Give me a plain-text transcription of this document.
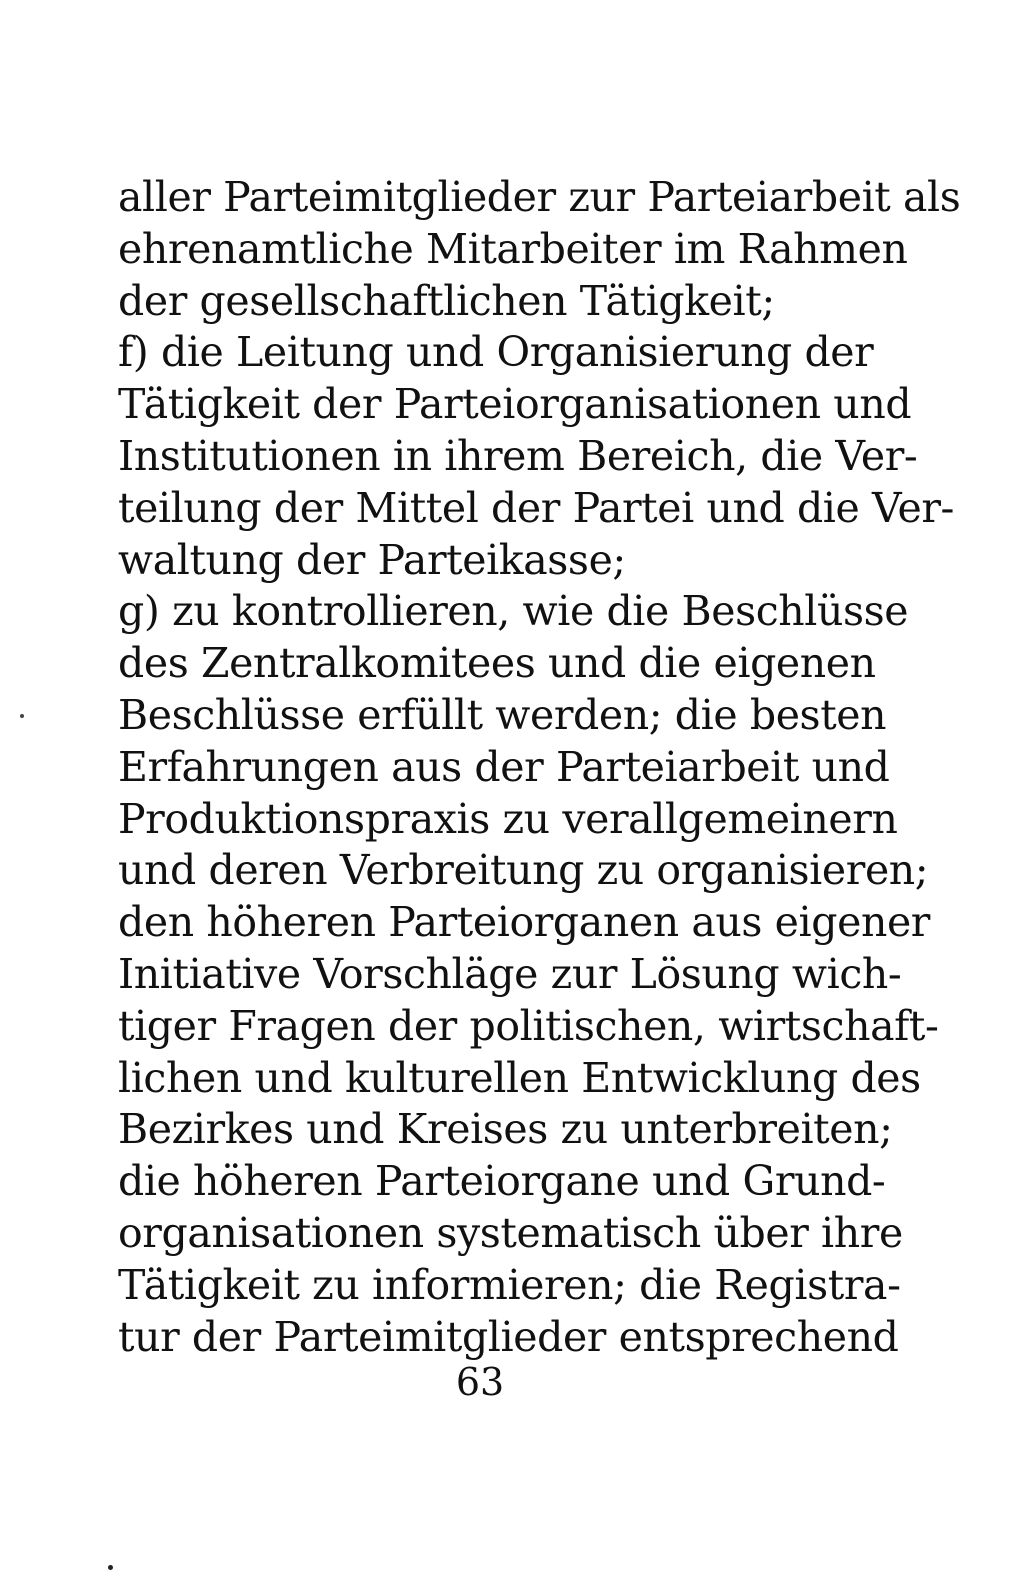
aller Parteimitglieder zur Parteiarbeit als
ehrenamtliche Mitarbeiter im Rahmen
der gesellschaftlichen Tätigkeit;
f) die Leitung und Organisierung der
Tätigkeit der Parteiorganisationen und
Institutionen in ihrem Bereich, die Ver-
teilung der Mittel der Partei und die Ver-
waltung der Parteikasse;
g) zu kontrollieren, wie die Beschlüsse
des Zentralkomitees und die eigenen
Beschlüsse erfüllt werden; die besten
Erfahrungen aus der Parteiarbeit und
Produktionspraxis zu verallgemeinern
und deren Verbreitung zu organisieren;
den höheren Parteiorganen aus eigener
Initiative Vorschläge zur Lösung wich-
tiger Fragen der politischen, wirtschaft-
lichen und kulturellen Entwicklung des
Bezirkes und Kreises zu unterbreiten;
die höheren Parteiorgane und Grund-
organisationen systematisch über ihre
Tätigkeit zu informieren; die Registra-
tur der Parteimitglieder entsprechend
63
